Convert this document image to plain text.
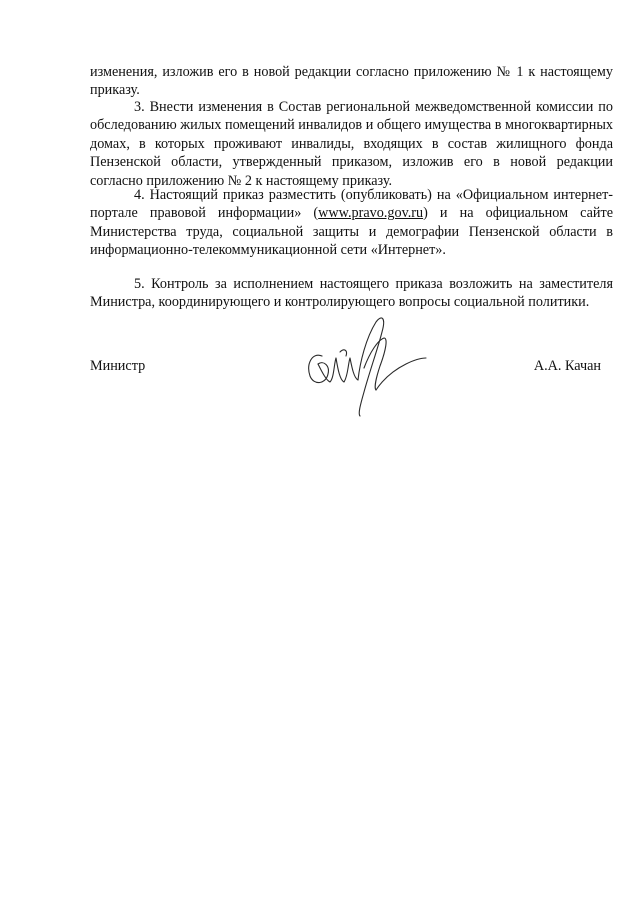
изменения, изложив его в новой редакции согласно приложению № 1 к настоящему приказу.

3. Внести изменения в Состав региональной межведомственной комиссии по обследованию жилых помещений инвалидов и общего имущества в многоквартирных домах, в которых проживают инвалиды, входящих в состав жилищного фонда Пензенской области, утвержденный приказом, изложив его в новой редакции согласно приложению № 2 к настоящему приказу.

4. Настоящий приказ разместить (опубликовать) на «Официальном интернет-портале правовой информации» (www.pravo.gov.ru) и на официальном сайте Министерства труда, социальной защиты и демографии Пензенской области в информационно-телекоммуникационной сети «Интернет».

5. Контроль за исполнением настоящего приказа возложить на заместителя Министра, координирующего и контролирующего вопросы социальной политики.

Министр	А.А. Качан
